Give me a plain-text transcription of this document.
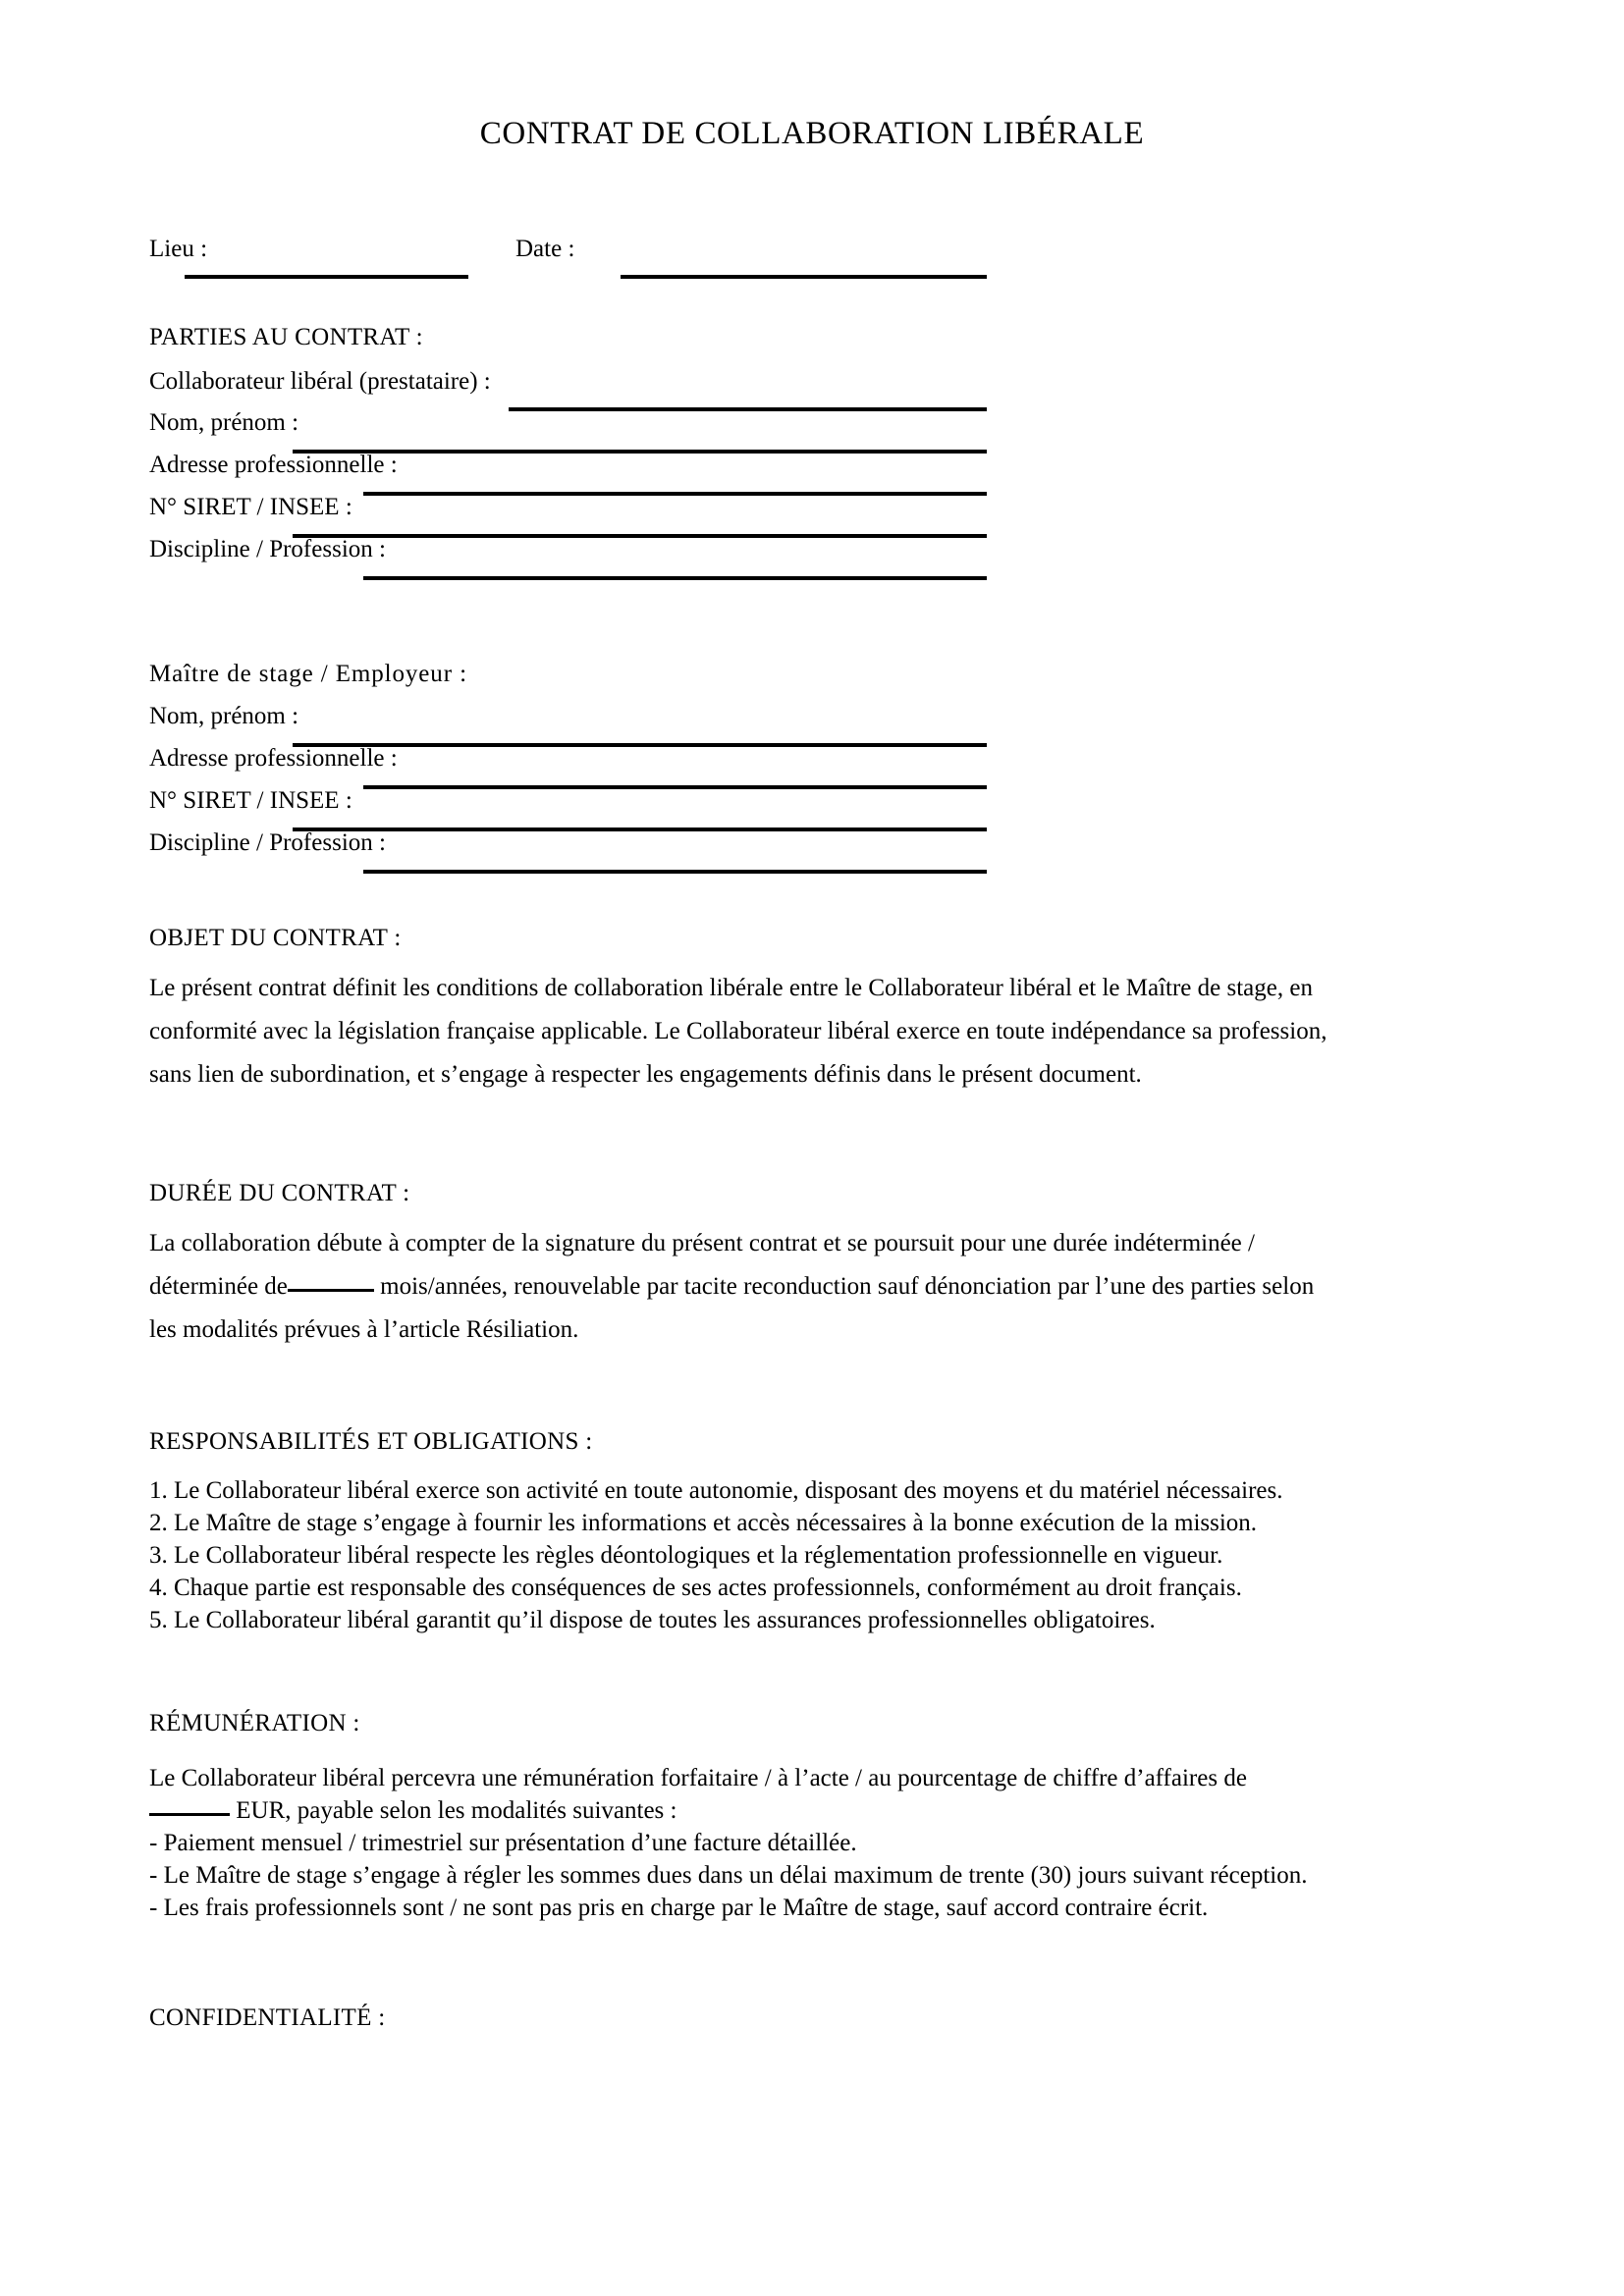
CONTRAT DE COLLABORATION LIBÉRALE
Lieu :	Date :
PARTIES AU CONTRAT :
Collaborateur libéral (prestataire) :
Nom, prénom :
Adresse professionnelle :
N° SIRET / INSEE :
Discipline / Profession :
Maître de stage / Employeur :
Nom, prénom :
Adresse professionnelle :
N° SIRET / INSEE :
Discipline / Profession :
OBJET DU CONTRAT :

Le présent contrat définit les conditions de collaboration libérale entre le Collaborateur libéral et le Maître de stage, en

conformité avec la législation française applicable. Le Collaborateur libéral exerce en toute indépendance sa profession,

sans lien de subordination, et s’engage à respecter les engagements définis dans le présent document.

DURÉE DU CONTRAT :

La collaboration débute à compter de la signature du présent contrat et se poursuit pour une durée indéterminée /

déterminée de	mois/années, renouvelable par tacite reconduction sauf dénonciation par l’une des parties selon

les modalités prévues à l’article Résiliation.

RESPONSABILITÉS ET OBLIGATIONS :

1. Le Collaborateur libéral exerce son activité en toute autonomie, disposant des moyens et du matériel nécessaires.

2. Le Maître de stage s’engage à fournir les informations et accès nécessaires à la bonne exécution de la mission.

3. Le Collaborateur libéral respecte les règles déontologiques et la réglementation professionnelle en vigueur.

4. Chaque partie est responsable des conséquences de ses actes professionnels, conformément au droit français.

5. Le Collaborateur libéral garantit qu’il dispose de toutes les assurances professionnelles obligatoires.

RÉMUNÉRATION :

Le Collaborateur libéral percevra une rémunération forfaitaire / à l’acte / au pourcentage de chiffre d’affaires de

EUR, payable selon les modalités suivantes :

- Paiement mensuel / trimestriel sur présentation d’une facture détaillée.

- Le Maître de stage s’engage à régler les sommes dues dans un délai maximum de trente (30) jours suivant réception.

- Les frais professionnels sont / ne sont pas pris en charge par le Maître de stage, sauf accord contraire écrit.

CONFIDENTIALITÉ :
